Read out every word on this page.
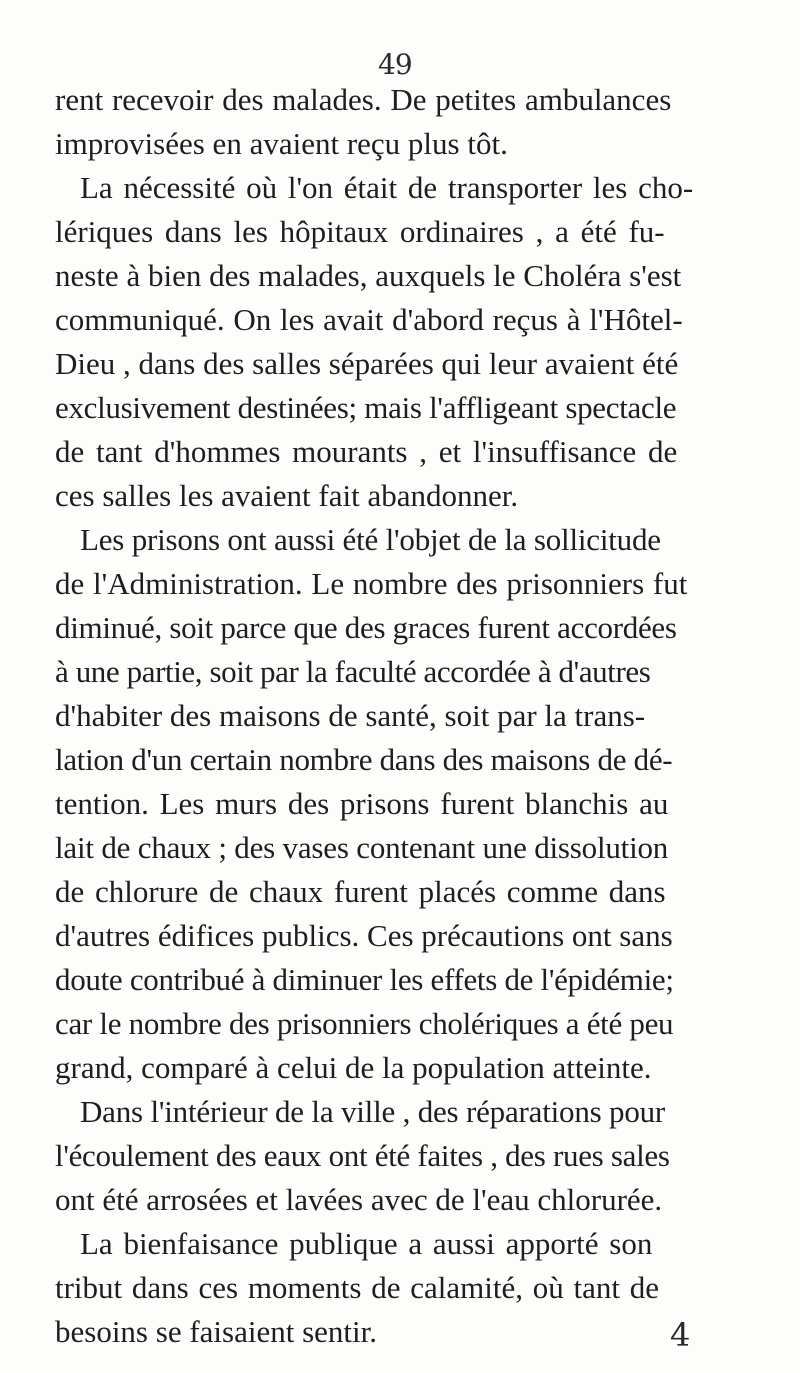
49
rent recevoir des malades. De petites ambulances
improvisées en avaient reçu plus tôt.
La nécessité où l'on était de transporter les cho-
lériques dans les hôpitaux ordinaires , a été fu-
neste à bien des malades, auxquels le Choléra s'est
communiqué. On les avait d'abord reçus à l'Hôtel-
Dieu , dans des salles séparées qui leur avaient été
exclusivement destinées; mais l'affligeant spectacle
de tant d'hommes mourants , et l'insuffisance de
ces salles les avaient fait abandonner.
Les prisons ont aussi été l'objet de la sollicitude
de l'Administration. Le nombre des prisonniers fut
diminué, soit parce que des graces furent accordées
à une partie, soit par la faculté accordée à d'autres
d'habiter des maisons de santé, soit par la trans-
lation d'un certain nombre dans des maisons de dé-
tention. Les murs des prisons furent blanchis au
lait de chaux ; des vases contenant une dissolution
de chlorure de chaux furent placés comme dans
d'autres édifices publics. Ces précautions ont sans
doute contribué à diminuer les effets de l'épidémie;
car le nombre des prisonniers cholériques a été peu
grand, comparé à celui de la population atteinte.
Dans l'intérieur de la ville , des réparations pour
l'écoulement des eaux ont été faites , des rues sales
ont été arrosées et lavées avec de l'eau chlorurée.
La bienfaisance publique a aussi apporté son
tribut dans ces moments de calamité, où tant de
besoins se faisaient sentir.	4
